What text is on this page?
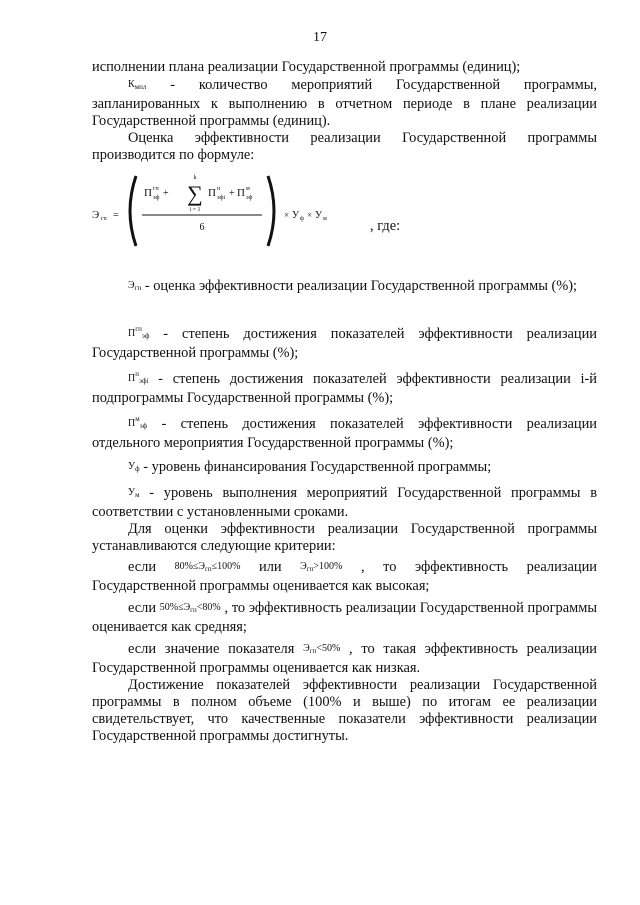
17

исполнении плана реализации Государственной программы (единиц);

$К_{мпл}$ - количество мероприятий Государственной программы, запланированных к выполнению в отчетном периоде в плане реализации Государственной программы (единиц).

Оценка эффективности реализации Государственной программы производится по формуле:

Э гп =
П гп
эф +
k
∑
i = 1
П п
эфi + П м
эф
6
× У ф × У м	, где:

$Э_{гп}$ - оценка эффективности реализации Государственной программы (%);

$П^{гп}_{эф}$ - степень достижения показателей эффективности реализации Государственной программы (%);

$П^п_{эфi}$ - степень достижения показателей эффективности реализации i-й подпрограммы Государственной программы (%);

$П^м_{эф}$ - степень достижения показателей эффективности реализации отдельного мероприятия Государственной программы (%);

$У_ф$ - уровень финансирования Государственной программы;

$У_м$ - уровень выполнения мероприятий Государственной программы в соответствии с установленными сроками.

Для оценки эффективности реализации Государственной программы устанавливаются следующие критерии:

если $80\%\le Э_{гп}\le 100\%$ или $Э_{гп}>100\%$ , то эффективность реализации Государственной программы оценивается как высокая;

если $50\%\le Э_{гп}<80\%$ , то эффективность реализации Государственной программы оценивается как средняя;

если значение показателя $Э_{гп}<50\%$ , то такая эффективность реализации Государственной программы оценивается как низкая.

Достижение показателей эффективности реализации Государственной программы в полном объеме (100% и выше) по итогам ее реализации свидетельствует, что качественные показатели эффективности реализации Государственной программы достигнуты.
